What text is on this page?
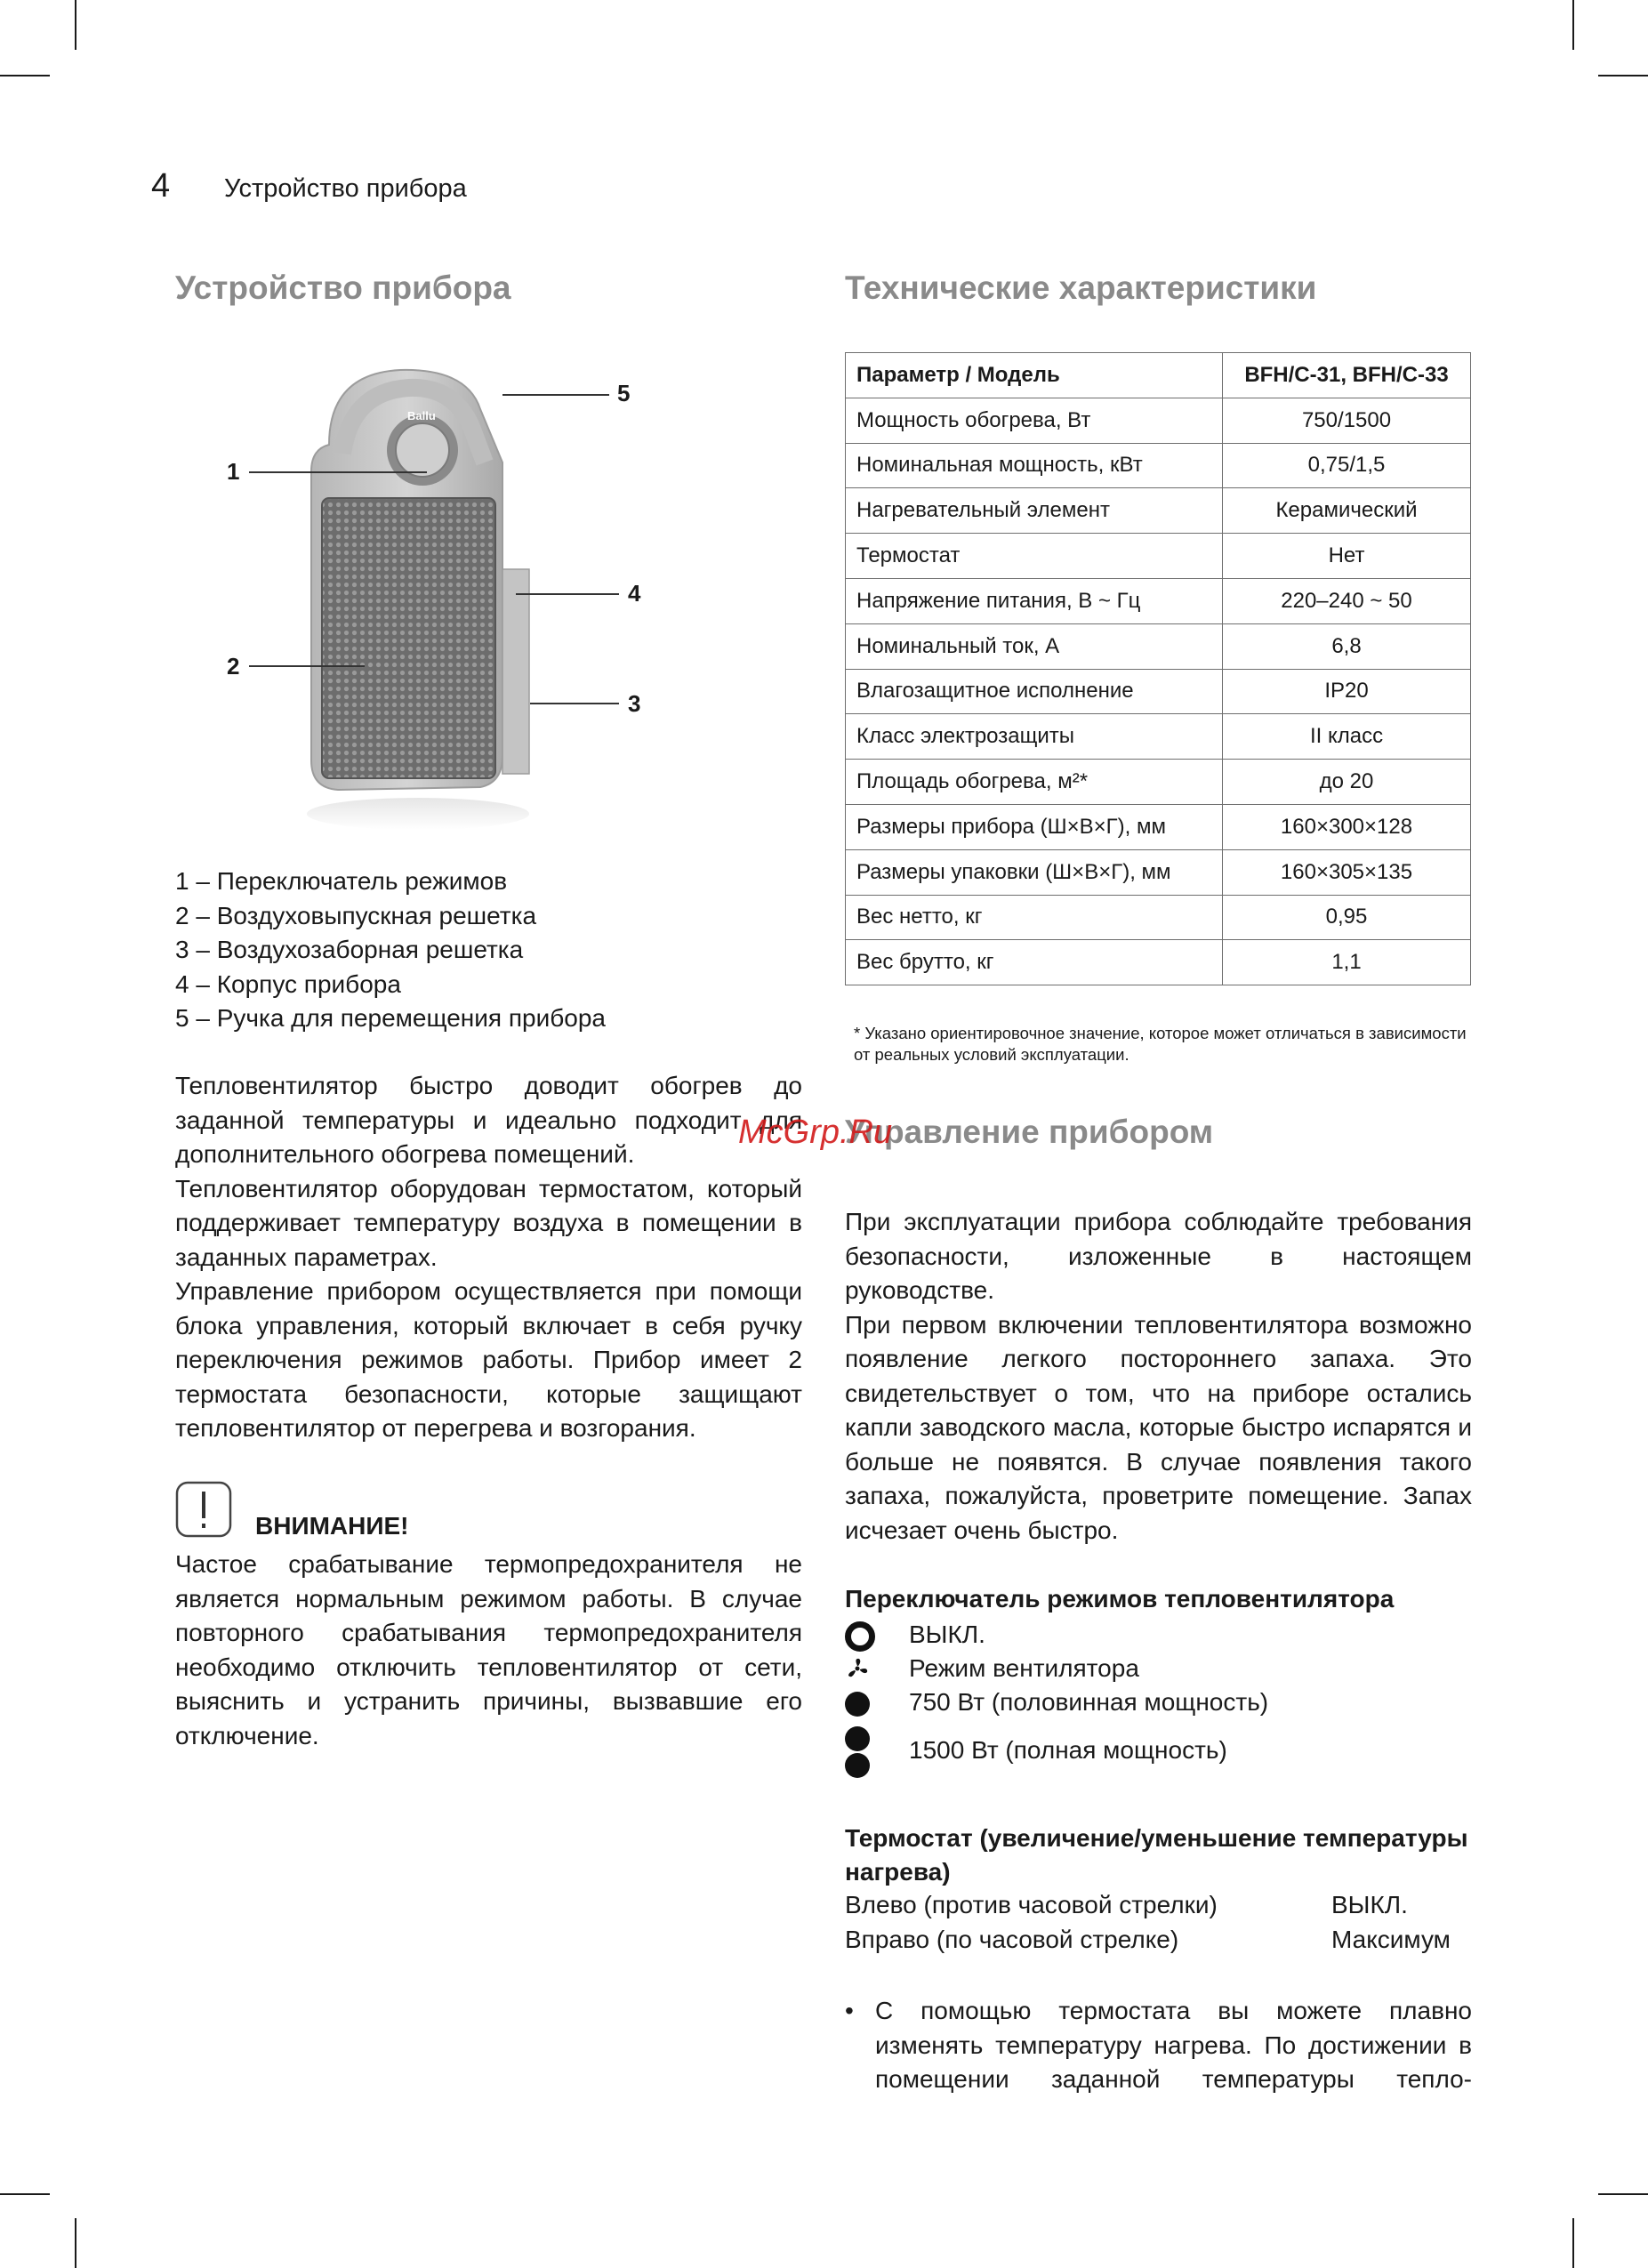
4 Устройство прибора
Устройство прибора
Ballu
1
2
3
4
5
1 – Переключатель режимов
2 – Воздуховыпускная решетка
3 – Воздухозаборная решетка
4 – Корпус прибора
5 – Ручка для перемещения прибора

Тепловентилятор быстро доводит обогрев до заданной температуры и идеально подходит для дополнительного обогрева помещений.

Тепловентилятор оборудован термостатом, который поддерживает температуру воздуха в помещении в заданных параметрах.

Управление прибором осуществляется при помощи блока управления, который включает в себя ручку переключения режимов работы. Прибор имеет 2 термостата безопасности, которые защищают тепловентилятор от перегрева и возгорания.

ВНИМАНИЕ!

Частое срабатывание термопредохранителя не является нормальным режимом работы. В случае повторного срабатывания термопредохранителя необходимо отключить тепловентилятор от сети, выяснить и устранить причины, вызвавшие его отключение.

Технические характеристики
Параметр / Модель	BFH/C-31, BFH/C-33
Мощность обогрева, Вт	750/1500
Номинальная мощность, кВт	0,75/1,5
Нагревательный элемент	Керамический
Термостат	Нет
Напряжение питания, В ~ Гц	220–240 ~ 50
Номинальный ток, А	6,8
Влагозащитное исполнение	IP20
Класс электрозащиты	II класс
Площадь обогрева, м²*	до 20
Размеры прибора (Ш×В×Г), мм	160×300×128
Размеры упаковки (Ш×В×Г), мм	160×305×135
Вес нетто, кг	0,95
Вес брутто, кг	1,1
* Указано ориентировочное значение, которое может отличаться в зависимости от реальных условий эксплуатации.
Управление прибором
McGrp.Ru

При эксплуатации прибора соблюдайте требования безопасности, изложенные в настоящем руководстве.

При первом включении тепловентилятора возможно появление легкого постороннего запаха. Это свидетельствует о том, что на приборе остались капли заводского масла, которые быстро испарятся и больше не появятся. В случае появления такого запаха, пожалуйста, проветрите помещение. Запах исчезает очень быстро.

Переключатель режимов тепловентилятора
ВЫКЛ.
Режим вентилятора
750 Вт (половинная мощность)
1500 Вт (полная мощность)
Термостат (увеличение/уменьшение температуры нагрева)
Влево (против часовой стрелки)	ВЫКЛ.
Вправо (по часовой стрелке)	Максимум
• С помощью термостата вы можете плавно изменять температуру нагрева. По достижении в помещении заданной температуры тепло-
